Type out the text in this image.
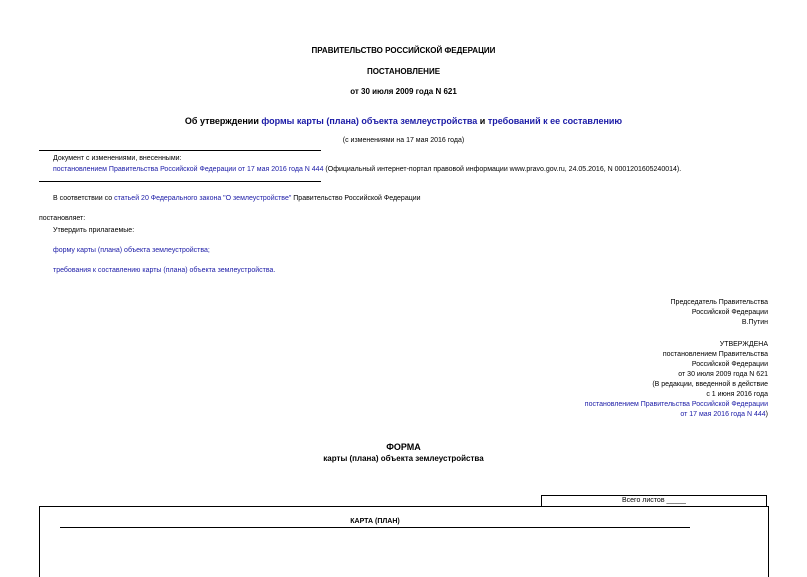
ПРАВИТЕЛЬСТВО РОССИЙСКОЙ ФЕДЕРАЦИИ
ПОСТАНОВЛЕНИЕ
от 30 июля 2009 года N 621
Об утверждении формы карты (плана) объекта землеустройства и требований к ее составлению
(с изменениями на 17 мая 2016 года)
Документ с изменениями, внесенными:
постановлением Правительства Российской Федерации от 17 мая 2016 года N 444 (Официальный интернет-портал правовой информации www.pravo.gov.ru, 24.05.2016, N 0001201605240014).
В соответствии со статьей 20 Федерального закона "О землеустройстве" Правительство Российской Федерации
постановляет:
Утвердить прилагаемые:
форму карты (плана) объекта землеустройства;
требования к составлению карты (плана) объекта землеустройства.
Председатель Правительства
Российской Федерации
В.Путин
УТВЕРЖДЕНА
постановлением Правительства
Российской Федерации
от 30 июля 2009 года N 621
(В редакции, введенной в действие
с 1 июня 2016 года
постановлением Правительства Российской Федерации
от 17 мая 2016 года N 444)
ФОРМА
карты (плана) объекта землеустройства
Всего листов _____
КАРТА (ПЛАН)
